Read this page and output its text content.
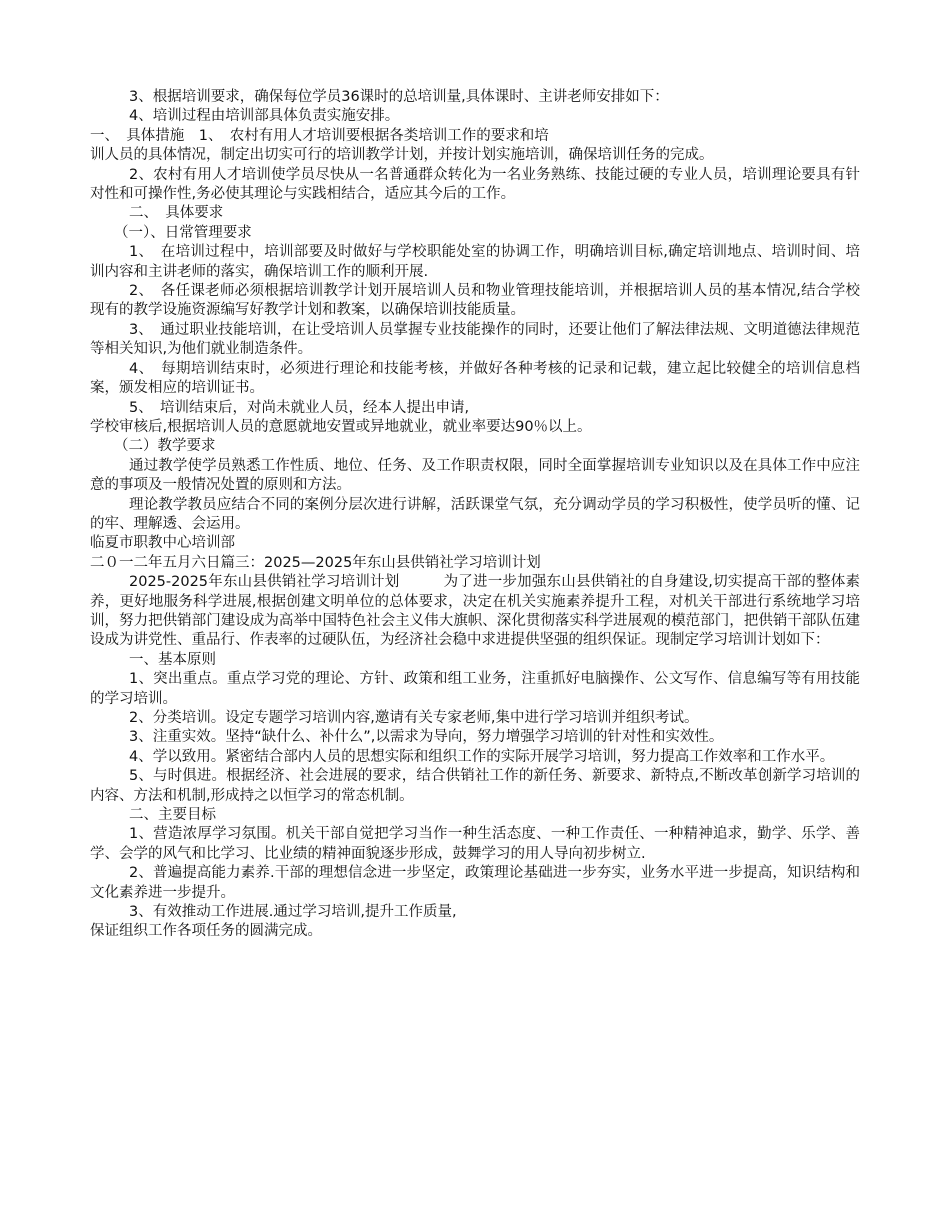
3、根据培训要求，确保每位学员36课时的总培训量,具体课时、主讲老师安排如下：

4、培训过程由培训部具体负责实施安排。

一、　具体措施　1、　农村有用人才培训要根据各类培训工作的要求和培

训人员的具体情况，制定出切实可行的培训教学计划，并按计划实施培训，确保培训任务的完成。

2、农村有用人才培训使学员尽快从一名普通群众转化为一名业务熟练、技能过硬的专业人员，培训理论要具有针对性和可操作性,务必使其理论与实践相结合，适应其今后的工作。

二、　具体要求

（一）、日常管理要求

1、　在培训过程中，培训部要及时做好与学校职能处室的协调工作，明确培训目标,确定培训地点、培训时间、培训内容和主讲老师的落实，确保培训工作的顺利开展.

2、　各任课老师必须根据培训教学计划开展培训人员和物业管理技能培训，并根据培训人员的基本情况,结合学校现有的教学设施资源编写好教学计划和教案，以确保培训技能质量。

3、　通过职业技能培训，在让受培训人员掌握专业技能操作的同时，还要让他们了解法律法规、文明道德法律规范等相关知识,为他们就业制造条件。

4、　每期培训结束时，必须进行理论和技能考核，并做好各种考核的记录和记载，建立起比较健全的培训信息档案，颁发相应的培训证书。

5、　培训结束后，对尚未就业人员，经本人提出申请,

学校审核后,根据培训人员的意愿就地安置或异地就业，就业率要达90％以上。

（二）教学要求

通过教学使学员熟悉工作性质、地位、任务、及工作职责权限，同时全面掌握培训专业知识以及在具体工作中应注意的事项及一般情况处置的原则和方法。

理论教学教员应结合不同的案例分层次进行讲解，活跃课堂气氛，充分调动学员的学习积极性，使学员听的懂、记的牢、理解透、会运用。

临夏市职教中心培训部

二０一二年五月六日篇三：2025—2025年东山县供销社学习培训计划

2025-2025年东山县供销社学习培训计划　　　为了进一步加强东山县供销社的自身建设,切实提高干部的整体素养，更好地服务科学进展,根据创建文明单位的总体要求，决定在机关实施素养提升工程，对机关干部进行系统地学习培训，努力把供销部门建设成为高举中国特色社会主义伟大旗帜、深化贯彻落实科学进展观的模范部门，把供销干部队伍建设成为讲党性、重品行、作表率的过硬队伍，为经济社会稳中求进提供坚强的组织保证。现制定学习培训计划如下：

一、基本原则

1、突出重点。重点学习党的理论、方针、政策和组工业务，注重抓好电脑操作、公文写作、信息编写等有用技能的学习培训。

2、分类培训。设定专题学习培训内容,邀请有关专家老师,集中进行学习培训并组织考试。

3、注重实效。坚持“缺什么、补什么”,以需求为导向，努力增强学习培训的针对性和实效性。

4、学以致用。紧密结合部内人员的思想实际和组织工作的实际开展学习培训，努力提高工作效率和工作水平。

5、与时俱进。根据经济、社会进展的要求，结合供销社工作的新任务、新要求、新特点,不断改革创新学习培训的内容、方法和机制,形成持之以恒学习的常态机制。

二、主要目标

1、营造浓厚学习氛围。机关干部自觉把学习当作一种生活态度、一种工作责任、一种精神追求，勤学、乐学、善学、会学的风气和比学习、比业绩的精神面貌逐步形成，鼓舞学习的用人导向初步树立.

2、普遍提高能力素养.干部的理想信念进一步坚定，政策理论基础进一步夯实，业务水平进一步提高，知识结构和文化素养进一步提升。

3、有效推动工作进展.通过学习培训,提升工作质量,

保证组织工作各项任务的圆满完成。
